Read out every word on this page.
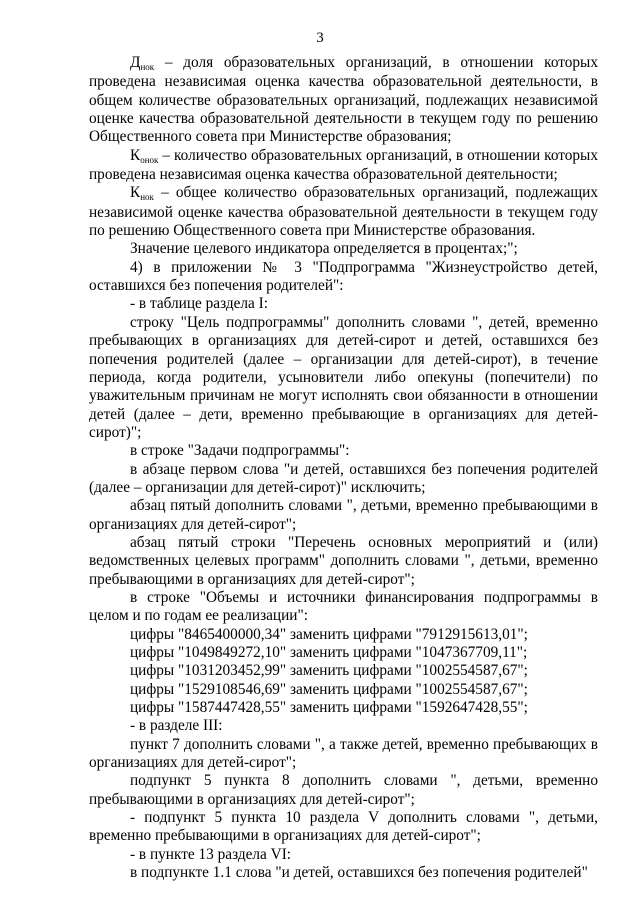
3

Днок – доля образовательных организаций, в отношении которых проведена независимая оценка качества образовательной деятельности, в общем количестве образовательных организаций, подлежащих независимой оценке качества образовательной деятельности в текущем году по решению Общественного совета при Министерстве образования;

Конок – количество образовательных организаций, в отношении которых проведена независимая оценка качества образовательной деятельности;

Кнок – общее количество образовательных организаций, подлежащих независимой оценке качества образовательной деятельности в текущем году по решению Общественного совета при Министерстве образования.

Значение целевого индикатора определяется в процентах;";

4) в приложении № 3 "Подпрограмма "Жизнеустройство детей, оставшихся без попечения родителей":

- в таблице раздела I:

строку "Цель подпрограммы" дополнить словами ", детей, временно пребывающих в организациях для детей-сирот и детей, оставшихся без попечения родителей (далее – организации для детей-сирот), в течение периода, когда родители, усыновители либо опекуны (попечители) по уважительным причинам не могут исполнять свои обязанности в отношении детей (далее – дети, временно пребывающие в организациях для детей-сирот)";

в строке "Задачи подпрограммы":

в абзаце первом слова "и детей, оставшихся без попечения родителей (далее – организации для детей-сирот)" исключить;

абзац пятый дополнить словами ", детьми, временно пребывающими в организациях для детей-сирот";

абзац пятый строки "Перечень основных мероприятий и (или) ведомственных целевых программ" дополнить словами ", детьми, временно пребывающими в организациях для детей-сирот";

в строке "Объемы и источники финансирования подпрограммы в целом и по годам ее реализации":

цифры "8465400000,34" заменить цифрами "7912915613,01";

цифры "1049849272,10" заменить цифрами "1047367709,11";

цифры "1031203452,99" заменить цифрами "1002554587,67";

цифры "1529108546,69" заменить цифрами "1002554587,67";

цифры "1587447428,55" заменить цифрами "1592647428,55";

- в разделе III:

пункт 7 дополнить словами ", а также детей, временно пребывающих в организациях для детей-сирот";

подпункт 5 пункта 8 дополнить словами ", детьми, временно пребывающими в организациях для детей-сирот";

- подпункт 5 пункта 10 раздела V дополнить словами ", детьми, временно пребывающими в организациях для детей-сирот";

- в пункте 13 раздела VI:

в подпункте 1.1 слова "и детей, оставшихся без попечения родителей"
